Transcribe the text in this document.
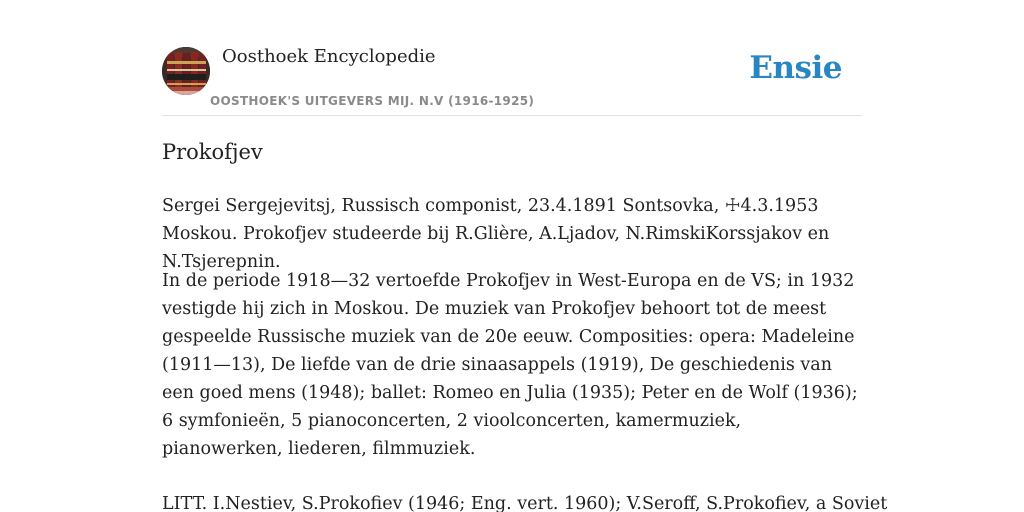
Oosthoek Encyclopedie
OOSTHOEK'S UITGEVERS MIJ. N.V (1916-1925)
Ensie
Prokofjev

Sergei Sergejevitsj, Russisch componist, 23.4.1891 Sontsovka, ☩4.3.1953 Moskou. Prokofjev studeerde bij R.Glière, A.Ljadov, N.RimskiKorssjakov en N.Tsjerepnin.

In de periode 1918—32 vertoefde Prokofjev in West-Europa en de VS; in 1932 vestigde hij zich in Moskou. De muziek van Prokofjev behoort tot de meest gespeelde Russische muziek van de 20e eeuw. Composities: opera: Madeleine (1911—13), De liefde van de drie sinaasappels (1919), De geschiedenis van een goed mens (1948); ballet: Romeo en Julia (1935); Peter en de Wolf (1936); 6 symfonieën, 5 pianoconcerten, 2 vioolconcerten, kamermuziek, pianowerken, liederen, filmmuziek.

LITT. I.Nestiev, S.Prokofiev (1946; Eng. vert. 1960); V.Seroff, S.Prokofiev, a Soviet
